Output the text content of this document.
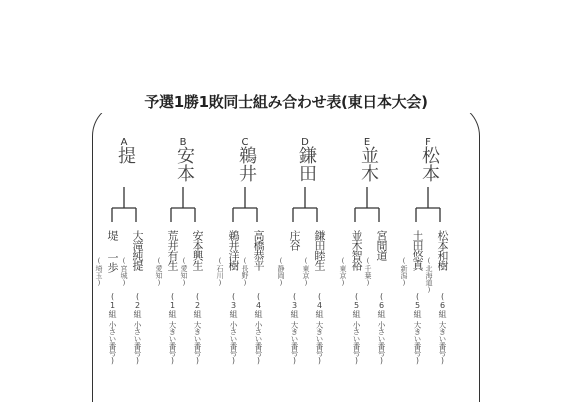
予選1勝1敗同士組み合わせ表(東日本大会)
A
提
堤 一歩
(埼玉)
大滝純提
(宮城)
(1組
小さい番号)
(2組
小さい番号)
B
安本
荒井有生
(愛知)
安本興生
(愛知)
(1組
大きい番号)
(2組
大きい番号)
C
鵜井
鵜井洋樹
(石川)
高橋恭平
(長野)
(3組
小さい番号)
(4組
小さい番号)
D
鎌田
庄谷
(静岡)
鎌田睦生
(東京)
(3組
大きい番号)
(4組
大きい番号)
E
並木
並木智裕
(東京)
宮間道
(千葉)
(5組
小さい番号)
(6組
小さい番号)
F
松本
土田悠真
(新潟)
松本和樹
(北海道)
(5組
大きい番号)
(6組
大きい番号)
